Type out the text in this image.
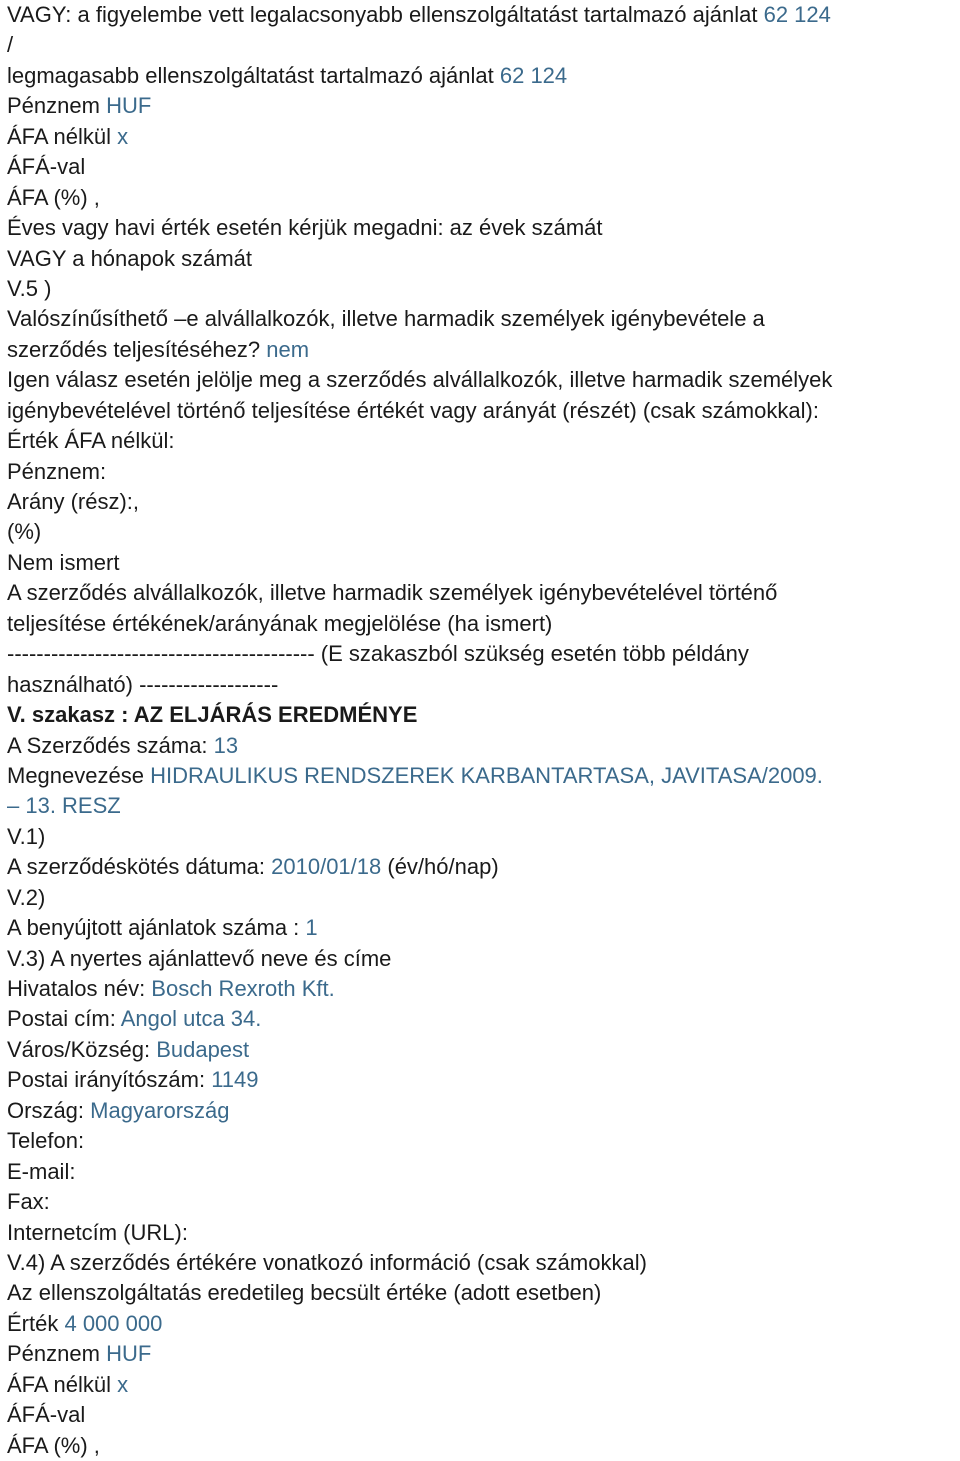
VAGY: a figyelembe vett legalacsonyabb ellenszolgáltatást tartalmazó ajánlat 62 124
/
legmagasabb ellenszolgáltatást tartalmazó ajánlat 62 124
Pénznem HUF
ÁFA nélkül x
ÁFÁ-val
ÁFA (%) ,
Éves vagy havi érték esetén kérjük megadni: az évek számát
VAGY a hónapok számát
V.5 )
Valószínűsíthető –e alvállalkozók, illetve harmadik személyek igénybevétele a
szerződés teljesítéséhez? nem
Igen válasz esetén jelölje meg a szerződés alvállalkozók, illetve harmadik személyek
igénybevételével történő teljesítése értékét vagy arányát (részét) (csak számokkal):
Érték ÁFA nélkül:
Pénznem:
Arány (rész):,
(%)
Nem ismert
A szerződés alvállalkozók, illetve harmadik személyek igénybevételével történő
teljesítése értékének/arányának megjelölése (ha ismert)
------------------------------------------ (E szakaszból szükség esetén több példány
használható) -------------------
V. szakasz : AZ ELJÁRÁS EREDMÉNYE
A Szerződés száma: 13
Megnevezése HIDRAULIKUS RENDSZEREK KARBANTARTASA, JAVITASA/2009.
– 13. RESZ
V.1)
A szerződéskötés dátuma: 2010/01/18 (év/hó/nap)
V.2)
A benyújtott ajánlatok száma : 1
V.3) A nyertes ajánlattevő neve és címe
Hivatalos név: Bosch Rexroth Kft.
Postai cím: Angol utca 34.
Város/Község: Budapest
Postai irányítószám: 1149
Ország: Magyarország
Telefon:
E-mail:
Fax:
Internetcím (URL):
V.4) A szerződés értékére vonatkozó információ (csak számokkal)
Az ellenszolgáltatás eredetileg becsült értéke (adott esetben)
Érték 4 000 000
Pénznem HUF
ÁFA nélkül x
ÁFÁ-val
ÁFA (%) ,
